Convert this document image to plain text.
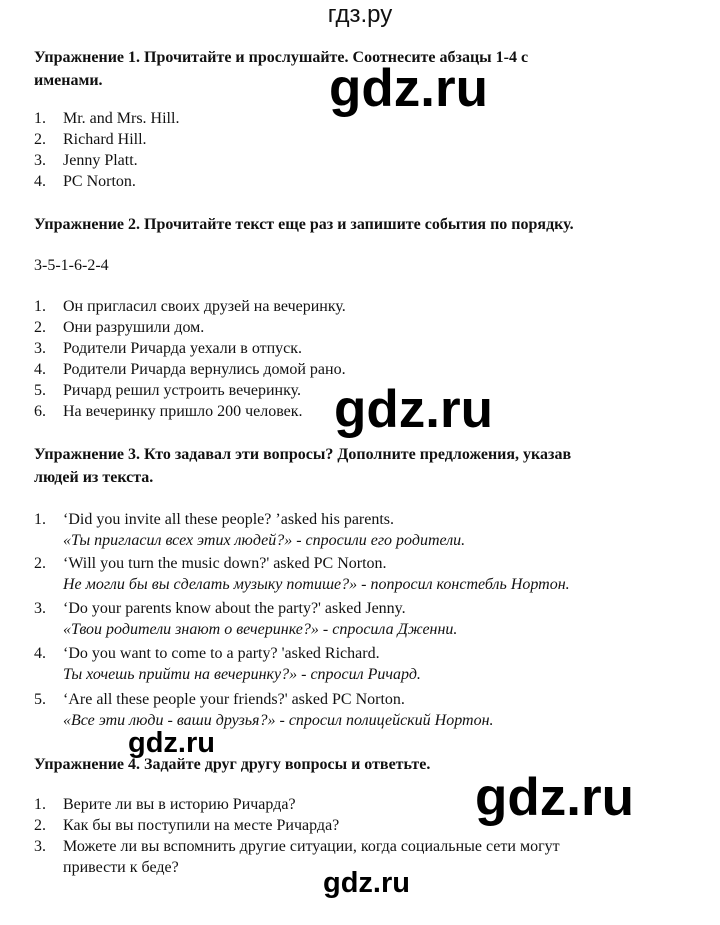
гдз.ру
Упражнение 1. Прочитайте и прослушайте. Соотнесите абзацы 1-4 с
именами.
1. Mr. and Mrs. Hill.
2. Richard Hill.
3. Jenny Platt.
4. PC Norton.
Упражнение 2. Прочитайте текст еще раз и запишите события по порядку.
3-5-1-6-2-4
1. Он пригласил своих друзей на вечеринку.
2. Они разрушили дом.
3. Родители Ричарда уехали в отпуск.
4. Родители Ричарда вернулись домой рано.
5. Ричард решил устроить вечеринку.
6. На вечеринку пришло 200 человек.
Упражнение 3. Кто задавал эти вопросы? Дополните предложения, указав
людей из текста.
1. ‘Did you invite all these people? ’asked his parents.
«Ты пригласил всех этих людей?» - спросили его родители.
2. ‘Will you turn the music down?' asked PC Norton.
Не могли бы вы сделать музыку потише?» - попросил констебль Нортон.
3. ‘Do your parents know about the party?' asked Jenny.
«Твои родители знают о вечеринке?» - спросила Дженни.
4. ‘Do you want to come to a party? 'asked Richard.
Ты хочешь прийти на вечеринку?» - спросил Ричард.
5. ‘Are all these people your friends?' asked PC Norton.
«Все эти люди - ваши друзья?» - спросил полицейский Нортон.
Упражнение 4. Задайте друг другу вопросы и ответьте.
1. Верите ли вы в историю Ричарда?
2. Как бы вы поступили на месте Ричарда?
3. Можете ли вы вспомнить другие ситуации, когда социальные сети могут
привести к беде?
gdz.ru
gdz.ru
gdz.ru
gdz.ru
gdz.ru
